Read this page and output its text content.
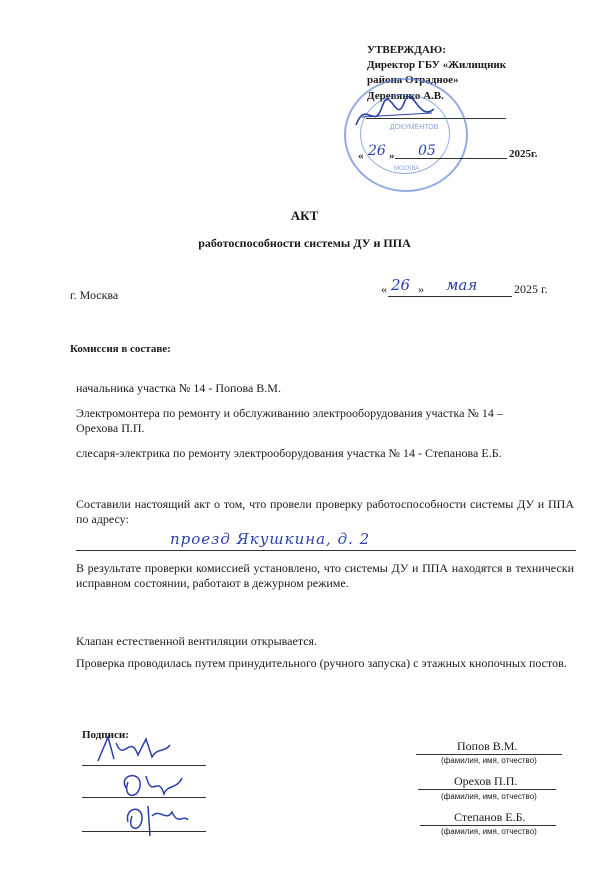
УТВЕРЖДАЮ:
Директор ГБУ «Жилищник
района Отрадное»
Деревянко А.В.
ДОКУМЕНТОВ
МОСКВА
« 26 » 05	2025г.
АКТ
работоспособности системы ДУ и ППА
г. Москва	« 26 » мая	2025 г.
Комиссия в составе:
начальника участка № 14 - Попова В.М.
Электромонтера по ремонту и обслуживанию электрооборудования участка № 14 –
Орехова П.П.
слесаря-электрика по ремонту электрооборудования участка № 14 - Степанова Е.Б.
Составили настоящий акт о том, что провели проверку работоспособности системы ДУ и ППА по адресу:
проезд Якушкина, д. 2
В результате проверки комиссией установлено, что системы ДУ и ППА находятся в технически исправном состоянии, работают в дежурном режиме.
Клапан естественной вентиляции открывается.
Проверка проводилась путем принудительного (ручного запуска) с этажных кнопочных постов.
Подписи:
Попов В.М.
(фамилия, имя, отчество)
Орехов П.П.
(фамилия, имя, отчество)
Степанов Е.Б.
(фамилия, имя, отчество)
